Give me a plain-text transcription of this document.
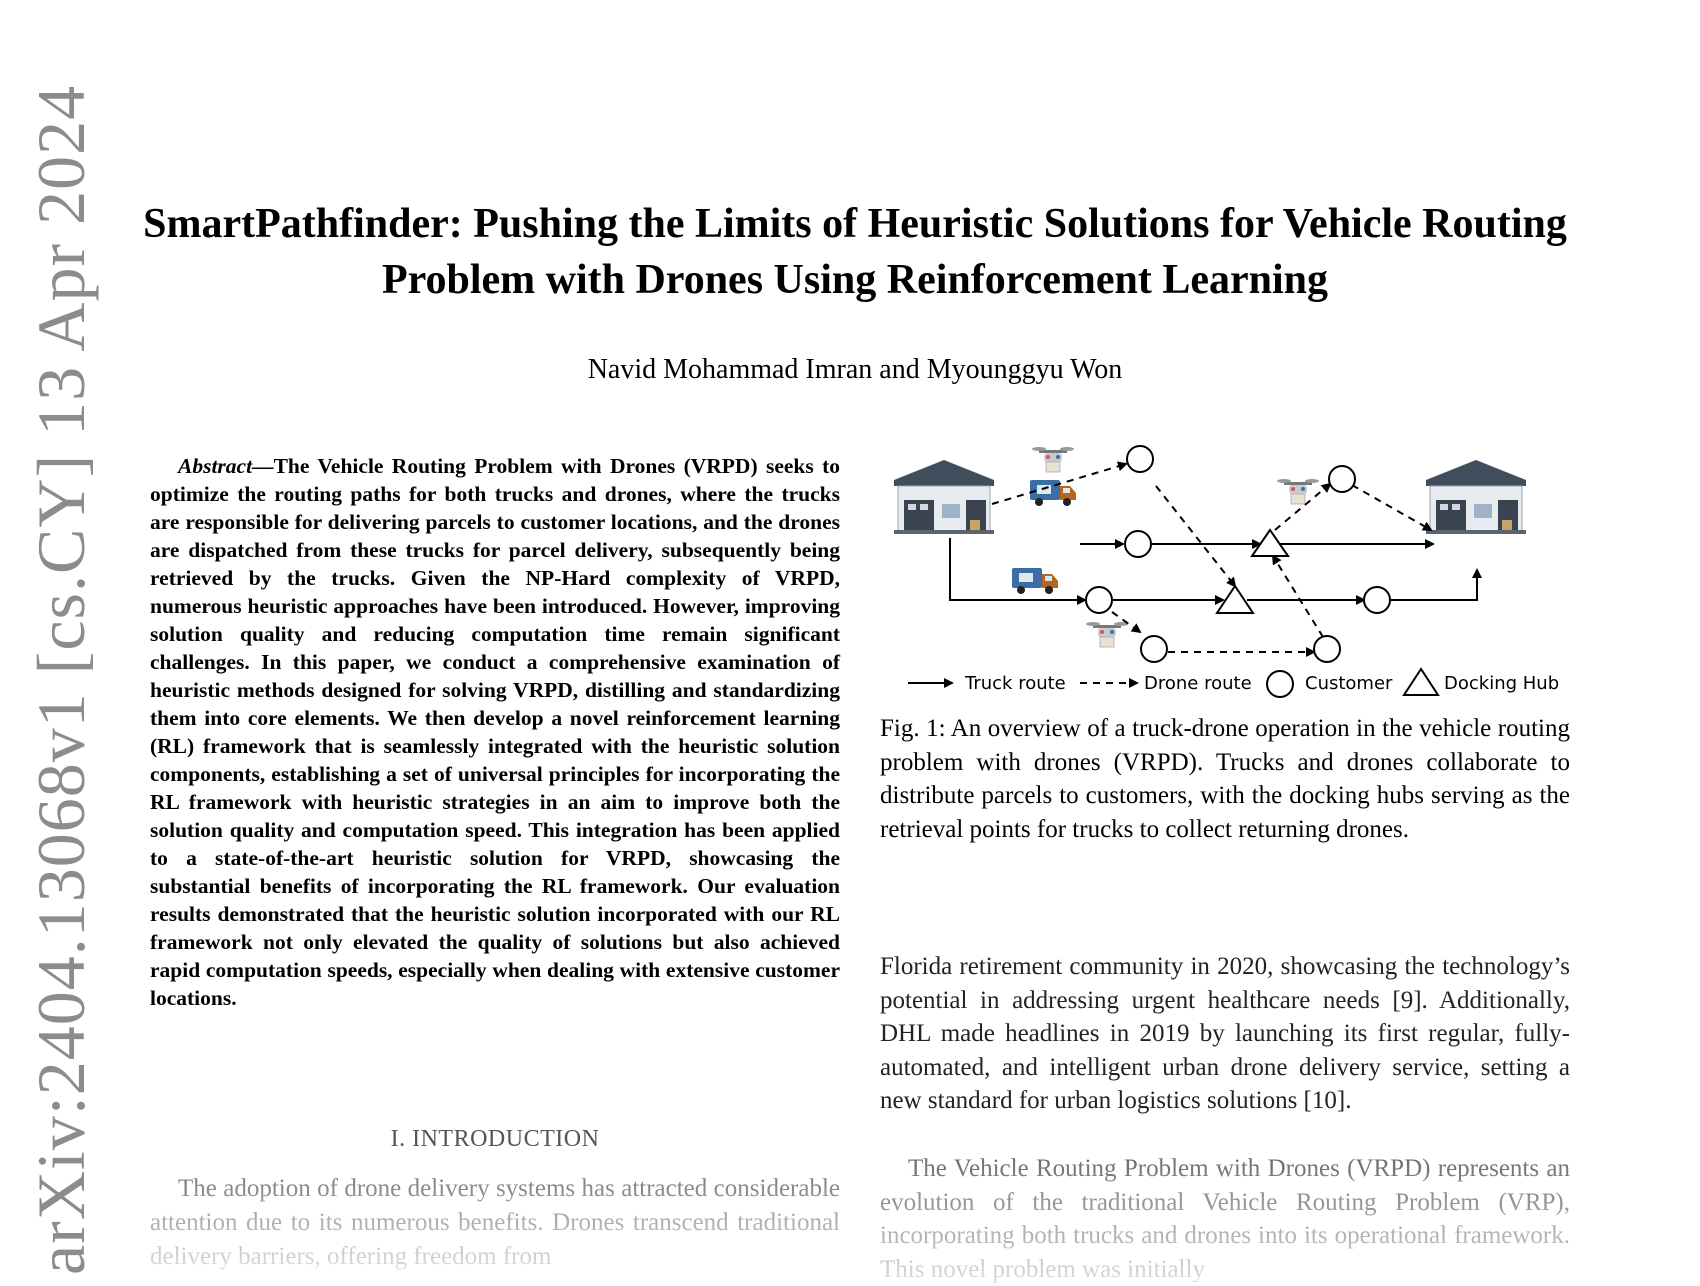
arXiv:2404.13068v1 [cs.CY] 13 Apr 2024	SmartPathfinder: Pushing the Limits of Heuristic Solutions for Vehicle Routing Problem with Drones Using Reinforcement Learning
Navid Mohammad Imran and Myounggyu Won
Abstract—The Vehicle Routing Problem with Drones (VRPD) seeks to optimize the routing paths for both trucks and drones, where the trucks are responsible for delivering parcels to customer locations, and the drones are dispatched from these trucks for parcel delivery, subsequently being retrieved by the trucks. Given the NP-Hard complexity of VRPD, numerous heuristic approaches have been introduced. However, improving solution quality and reducing computation time remain significant challenges. In this paper, we conduct a comprehensive examination of heuristic methods designed for solving VRPD, distilling and standardizing them into core elements. We then develop a novel reinforcement learning (RL) framework that is seamlessly integrated with the heuristic solution components, establishing a set of universal principles for incorporating the RL framework with heuristic strategies in an aim to improve both the solution quality and computation speed. This integration has been applied to a state-of-the-art heuristic solution for VRPD, showcasing the substantial benefits of incorporating the RL framework. Our evaluation results demonstrated that the heuristic solution incorporated with our RL framework not only elevated the quality of solutions but also achieved rapid computation speeds, especially when dealing with extensive customer locations.
I. INTRODUCTION
The adoption of drone delivery systems has attracted considerable attention due to its numerous benefits. Drones transcend traditional delivery barriers, offering freedom from
Truck route	Drone route	Customer	Docking Hub
Fig. 1: An overview of a truck-drone operation in the vehicle routing problem with drones (VRPD). Trucks and drones collaborate to distribute parcels to customers, with the docking hubs serving as the retrieval points for trucks to collect returning drones.
Florida retirement community in 2020, showcasing the technology’s potential in addressing urgent healthcare needs [9]. Additionally, DHL made headlines in 2019 by launching its first regular, fully-automated, and intelligent urban drone delivery service, setting a new standard for urban logistics solutions [10].
The Vehicle Routing Problem with Drones (VRPD) represents an evolution of the traditional Vehicle Routing Problem (VRP), incorporating both trucks and drones into its operational framework. This novel problem was initially
